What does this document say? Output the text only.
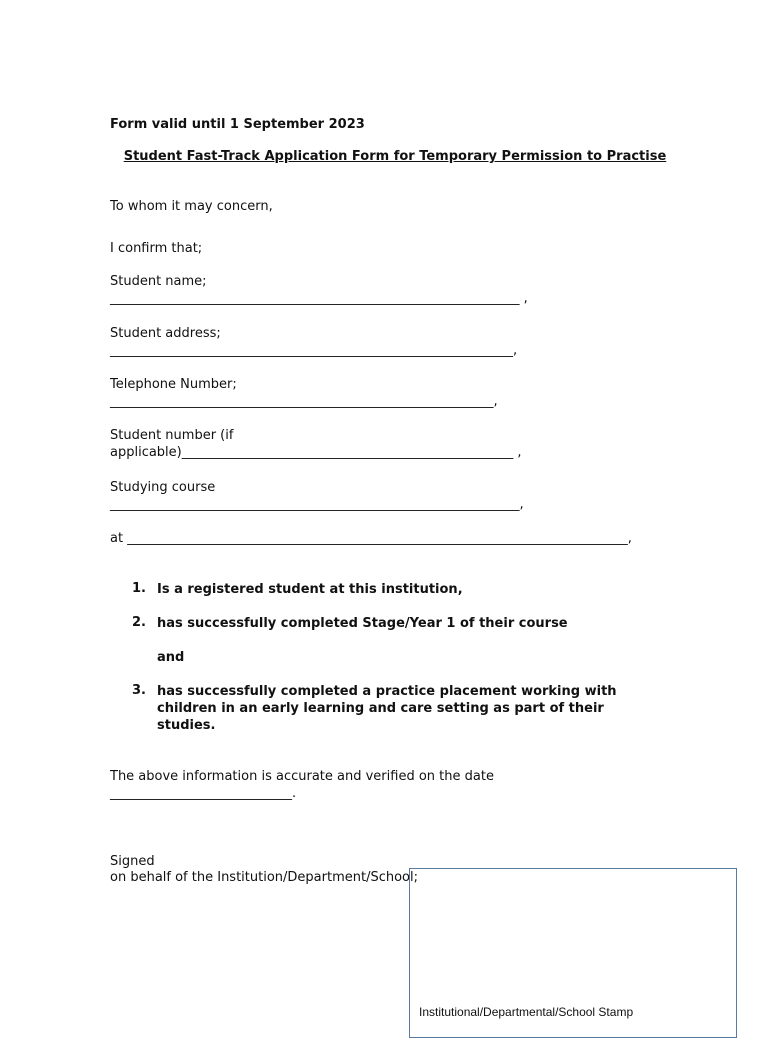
Form valid until 1 September 2023
Student Fast-Track Application Form for Temporary Permission to Practise
To whom it may concern,
I confirm that;
Student name;
_______________________________________________________________ ,
Student address;
______________________________________________________________,
Telephone Number;
___________________________________________________________,
Student number (if
applicable)___________________________________________________ ,
Studying course
_______________________________________________________________,
at _____________________________________________________________________________,
1. Is a registered student at this institution,
2. has successfully completed Stage/Year 1 of their course
and
3. has successfully completed a practice placement working with
children in an early learning and care setting as part of their
studies.
The above information is accurate and verified on the date
____________________________.
Signed
on behalf of the Institution/Department/School;
Institutional/Departmental/School Stamp
